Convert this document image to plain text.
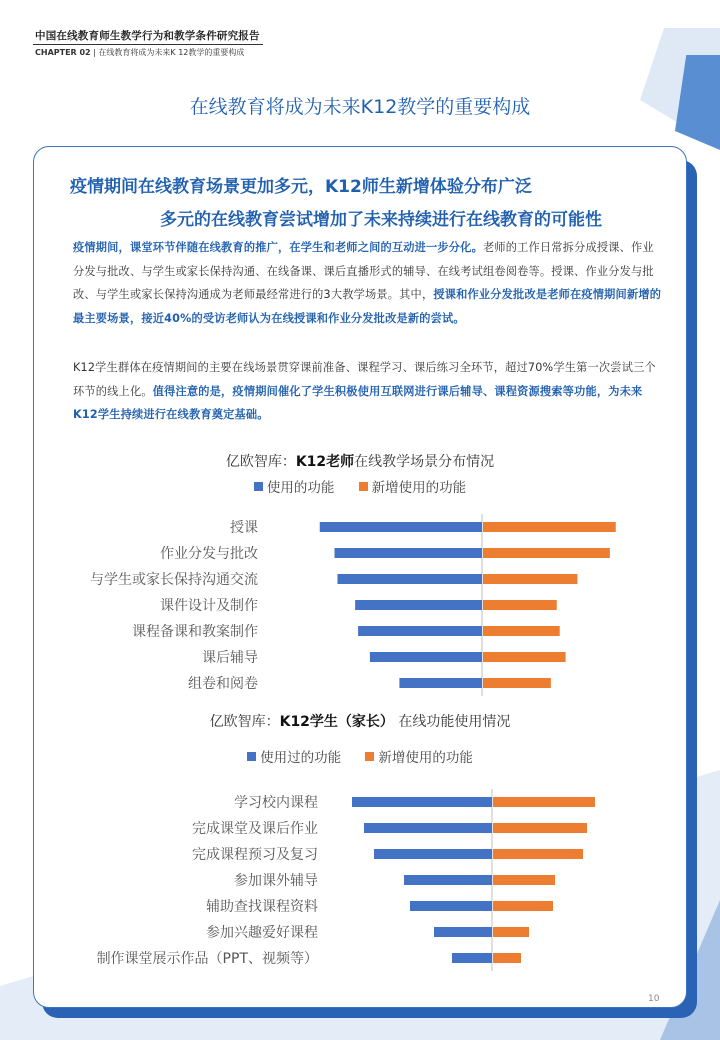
中国在线教育师生教学行为和教学条件研究报告
CHAPTER 02 | 在线教育将成为未来K 12教学的重要构成
在线教育将成为未来K12教学的重要构成
疫情期间在线教育场景更加多元，K12师生新增体验分布广泛
多元的在线教育尝试增加了未来持续进行在线教育的可能性
疫情期间，课堂环节伴随在线教育的推广，在学生和老师之间的互动进一步分化。老师的工作日常拆分成授课、作业分发与批改、与学生或家长保持沟通、在线备课、课后直播形式的辅导、在线考试组卷阅卷等。授课、作业分发与批改、与学生或家长保持沟通成为老师最经常进行的3大教学场景。其中，授课和作业分发批改是老师在疫情期间新增的最主要场景，接近40%的受访老师认为在线授课和作业分发批改是新的尝试。
K12学生群体在疫情期间的主要在线场景贯穿课前准备、课程学习、课后练习全环节，超过70%学生第一次尝试三个环节的线上化。值得注意的是，疫情期间催化了学生积极使用互联网进行课后辅导、课程资源搜索等功能，为未来K12学生持续进行在线教育奠定基础。
亿欧智库：K12老师在线教学场景分布情况
使用的功能	新增使用的功能
授课
作业分发与批改
与学生或家长保持沟通交流
课件设计及制作
课程备课和教案制作
课后辅导
组卷和阅卷
亿欧智库：K12学生（家长） 在线功能使用情况
使用过的功能	新增使用的功能
学习校内课程
完成课堂及课后作业
完成课程预习及复习
参加课外辅导
辅助查找课程资料
参加兴趣爱好课程
制作课堂展示作品（PPT、视频等）
10
